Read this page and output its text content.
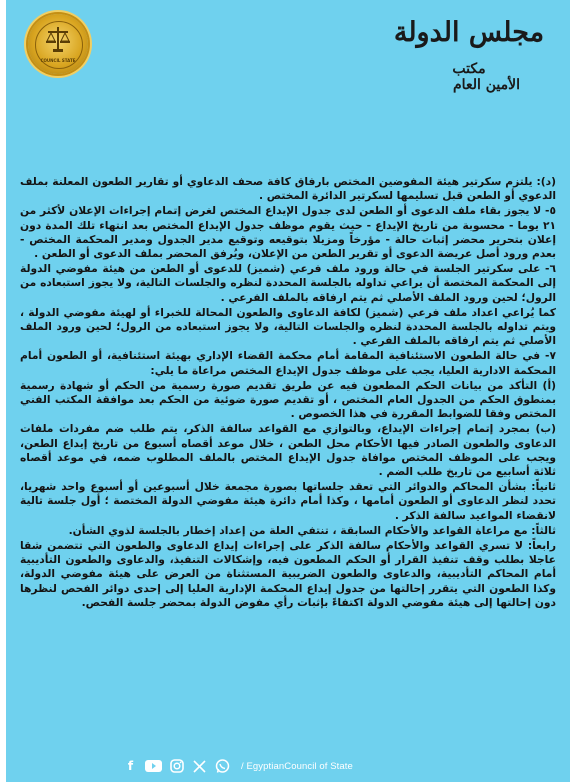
COUNCIL STATE
مجلس الدولة
مكتب
الأمين العام

(د): يلتزم سكرتير هيئة المفوضين المختص بارفاق كافة صحف الدعاوي أو تقارير الطعون المعلنة بملف الدعوي أو الطعن قبل تسليمها لسكرتير الدائرة المختص .

٥- لا يجوز بقاء ملف الدعوى أو الطعن لدى جدول الإيداع المختص لغرض إتمام إجراءات الإعلان لأكثر من ٢١ يوما - محسوبة من تاريخ الإيداع - حيث يقوم موظف جدول الإيداع المختص بعد انتهاء تلك المدة دون إعلان بتحرير محضر إثبات حالة - مؤرخاً ومزيلا بتوقيعه وتوقيع مدير الجدول ومدير المحكمة المختص - بعدم ورود أصل عريضة الدعوى أو تقرير الطعن من الإعلان، ويُرفق المحضر بملف الدعوى أو الطعن .

٦- على سكرتير الجلسة في حالة ورود ملف فرعي (شميز) للدعوى أو الطعن من هيئة مفوضي الدولة إلى المحكمة المختصة أن يراعي تداوله بالجلسة المحددة لنظره والجلسات التالية، ولا يجوز استبعاده من الرول؛ لحين ورود الملف الأصلي ثم يتم ارفاقه بالملف الفرعي .

كما يُراعي اعداد ملف فرعي (شميز) لكافة الدعاوى والطعون المحالة للخبراء أو لهيئة مفوضي الدولة ، ويتم تداوله بالجلسة المحددة لنظره والجلسات التالية، ولا يجوز استبعاده من الرول؛ لحين ورود الملف الأصلي ثم يتم ارفاقه بالملف الفرعي .

٧- في حالة الطعون الاستئنافية المقامة أمام محكمة القضاء الإداري بهيئة استئنافية، أو الطعون أمام المحكمة الادارية العليا، يجب على موظف جدول الإيداع المختص مراعاة ما يلي:

(أ) التأكد من بيانات الحكم المطعون فيه عن طريق تقديم صورة رسمية من الحكم أو شهادة رسمية بمنطوق الحكم من الجدول العام المختص ، أو تقديم صورة ضوئية من الحكم بعد موافقة المكتب الفني المختص وفقا للضوابط المقررة في هذا الخصوص .

(ب) بمجرد إتمام إجراءات الإيداع، وبالتوازي مع القواعد سالفة الذكر، يتم طلب ضم مفردات ملفات الدعاوى والطعون الصادر فيها الأحكام محل الطعن ، خلال موعد أقصاه أسبوع من تاريخ إيداع الطعن، ويجب على الموظف المختص موافاة جدول الإيداع المختص بالملف المطلوب ضمه، في موعد أقصاه ثلاثة أسابيع من تاريخ طلب الضم .

ثانياً: بشأن المحاكم والدوائر التي تعقد جلساتها بصورة مجمعة خلال أسبوعين أو أسبوع واحد شهريا، تحدد لنظر الدعاوى أو الطعون أمامها ، وكذا أمام دائرة هيئة مفوضي الدولة المختصة ؛ أول جلسة تالية لانقضاء المواعيد سالفة الذكر .

ثالثاً: مع مراعاة القواعد والأحكام السابقة ، تنتفي العلة من إعداد إخطار بالجلسة لذوي الشأن.

رابعاً: لا تسري القواعد والأحكام سالفة الذكر على إجراءات إيداع الدعاوى والطعون التي تتضمن شقا عاجلا بطلب وقف تنفيذ القرار أو الحكم المطعون فيه، وإشكالات التنفيذ، والدعاوى والطعون التأديبية أمام المحاكم التأديبية، والدعاوى والطعون الضريبية المستثناة من العرض على هيئة مفوضي الدولة، وكذا الطعون التي يتقرر إحالتها من جدول إيداع المحكمة الإدارية العليا إلى إحدى دوائر الفحص لنظرها دون إحالتها إلى هيئة مفوضي الدولة اكتفاءً بإثبات رأي مفوض الدولة بمحضر جلسة الفحص.

f	/ EgyptianCouncil of State
